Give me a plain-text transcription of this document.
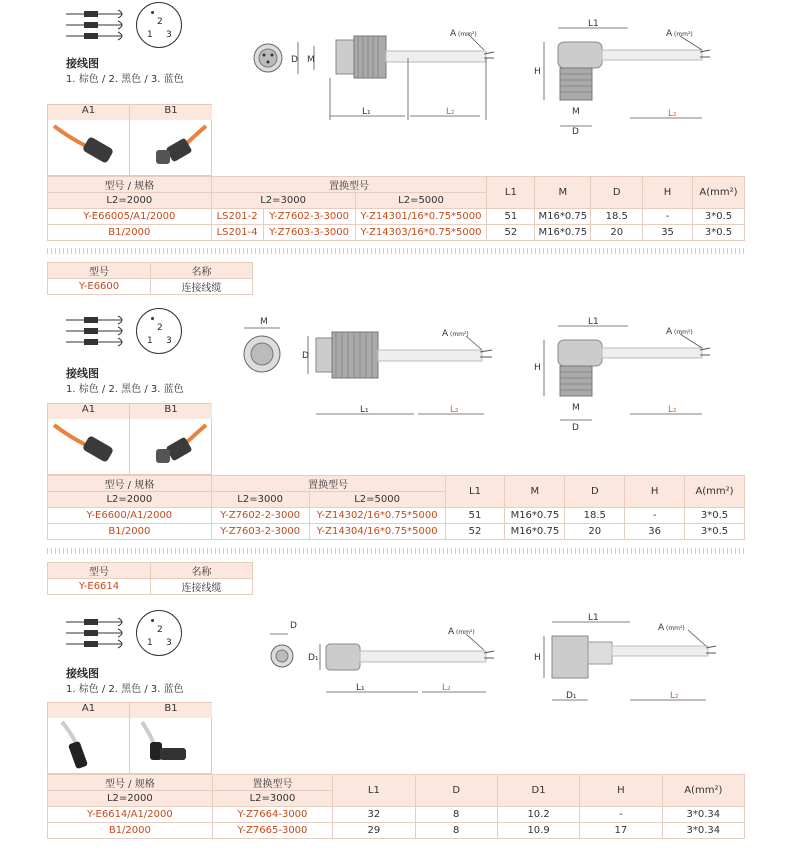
2
1 3
接线图
1. 棕色 / 2. 黑色 / 3. 蓝色
A1	B1
D M
L₁	L₂
A (mm²)
L1
H
M
D
L₂
A (mm²)
型号 / 规格	置换型号			L1	M	D	H	A(mm²)
L2=2000	L2=3000		L2=5000					
Y-E66005/A1/2000	LS201-2	Y-Z7602-3-3000	Y-Z14301/16*0.75*5000	51	M16*0.75	18.5	-	3*0.5
B1/2000	LS201-4	Y-Z7603-3-3000	Y-Z14303/16*0.75*5000	52	M16*0.75	20	35	3*0.5
型号	名称
Y-E6600	连接线缆
2
1 3
接线图
1. 棕色 / 2. 黑色 / 3. 蓝色
A1	B1
M
D
L₁	L₂
A (mm²)
L1
H
M
D
L₂
A (mm²)
型号 / 规格	置换型号		L1	M	D	H	A(mm²)
L2=2000	L2=3000	L2=5000					
Y-E6600/A1/2000	Y-Z7602-2-3000	Y-Z14302/16*0.75*5000	51	M16*0.75	18.5	-	3*0.5
B1/2000	Y-Z7603-2-3000	Y-Z14304/16*0.75*5000	52	M16*0.75	20	36	3*0.5
型号	名称
Y-E6614	连接线缆
2
1 3
接线图
1. 棕色 / 2. 黑色 / 3. 蓝色
A1	B1
D
D₁
L₁	L₂
A (mm²)
L1
H
D₁	L₂
A (mm²)
型号 / 规格	置换型号	L1	D	D1	H	A(mm²)
L2=2000	L2=3000					
Y-E6614/A1/2000	Y-Z7664-3000	32	8	10.2	-	3*0.34
B1/2000	Y-Z7665-3000	29	8	10.9	17	3*0.34
